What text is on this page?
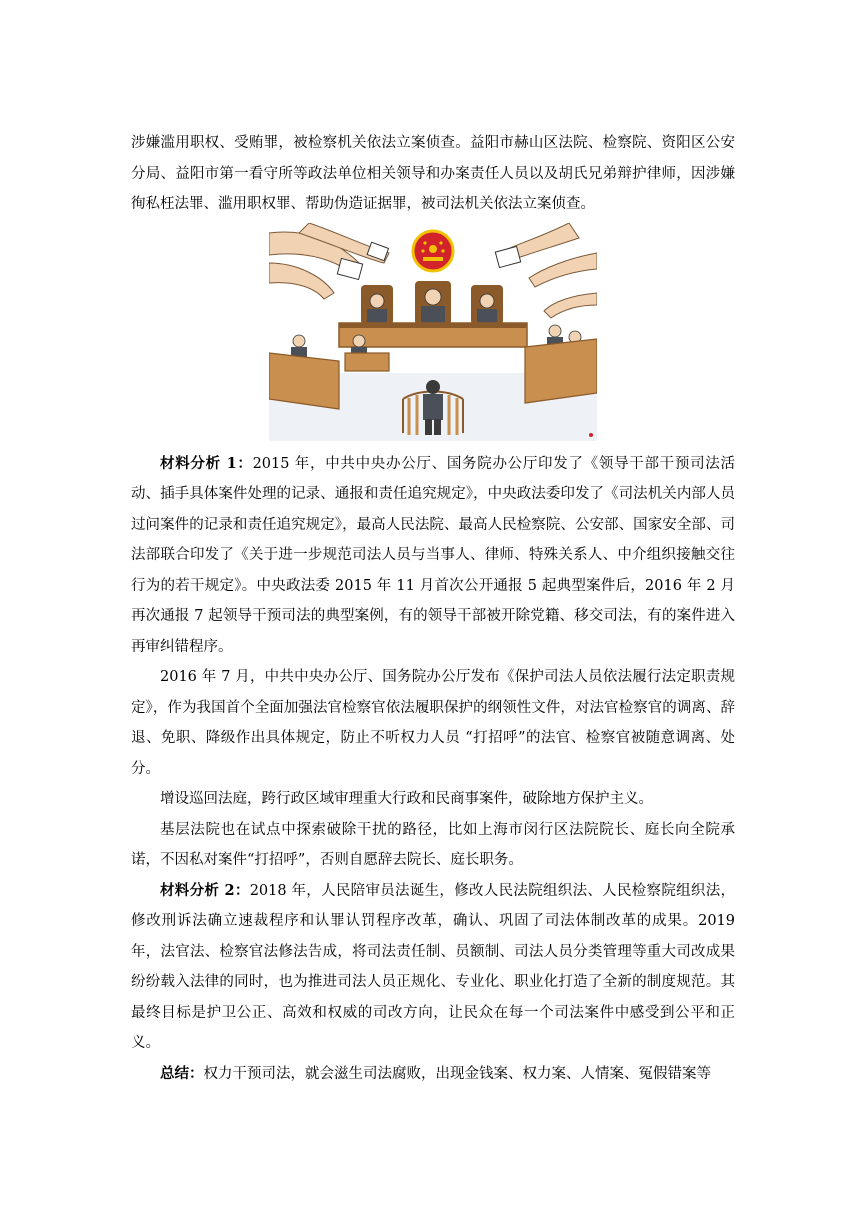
涉嫌滥用职权、受贿罪，被检察机关依法立案侦查。益阳市赫山区法院、检察院、资阳区公安分局、益阳市第一看守所等政法单位相关领导和办案责任人员以及胡氏兄弟辩护律师，因涉嫌徇私枉法罪、滥用职权罪、帮助伪造证据罪，被司法机关依法立案侦查。

材料分析 1：2015 年，中共中央办公厅、国务院办公厅印发了《领导干部干预司法活动、插手具体案件处理的记录、通报和责任追究规定》，中央政法委印发了《司法机关内部人员过问案件的记录和责任追究规定》，最高人民法院、最高人民检察院、公安部、国家安全部、司法部联合印发了《关于进一步规范司法人员与当事人、律师、特殊关系人、中介组织接触交往行为的若干规定》。中央政法委 2015 年 11 月首次公开通报 5 起典型案件后，2016 年 2 月再次通报 7 起领导干预司法的典型案例，有的领导干部被开除党籍、移交司法，有的案件进入再审纠错程序。

2016 年 7 月，中共中央办公厅、国务院办公厅发布《保护司法人员依法履行法定职责规定》，作为我国首个全面加强法官检察官依法履职保护的纲领性文件，对法官检察官的调离、辞退、免职、降级作出具体规定，防止不听权力人员 “打招呼”的法官、检察官被随意调离、处分。

增设巡回法庭，跨行政区域审理重大行政和民商事案件，破除地方保护主义。

基层法院也在试点中探索破除干扰的路径，比如上海市闵行区法院院长、庭长向全院承诺，不因私对案件“打招呼”，否则自愿辞去院长、庭长职务。

材料分析 2：2018 年，人民陪审员法诞生，修改人民法院组织法、人民检察院组织法，修改刑诉法确立速裁程序和认罪认罚程序改革，确认、巩固了司法体制改革的成果。2019 年，法官法、检察官法修法告成，将司法责任制、员额制、司法人员分类管理等重大司改成果纷纷载入法律的同时，也为推进司法人员正规化、专业化、职业化打造了全新的制度规范。其最终目标是护卫公正、高效和权威的司改方向，让民众在每一个司法案件中感受到公平和正义。

总结：权力干预司法，就会滋生司法腐败，出现金钱案、权力案、人情案、冤假错案等
